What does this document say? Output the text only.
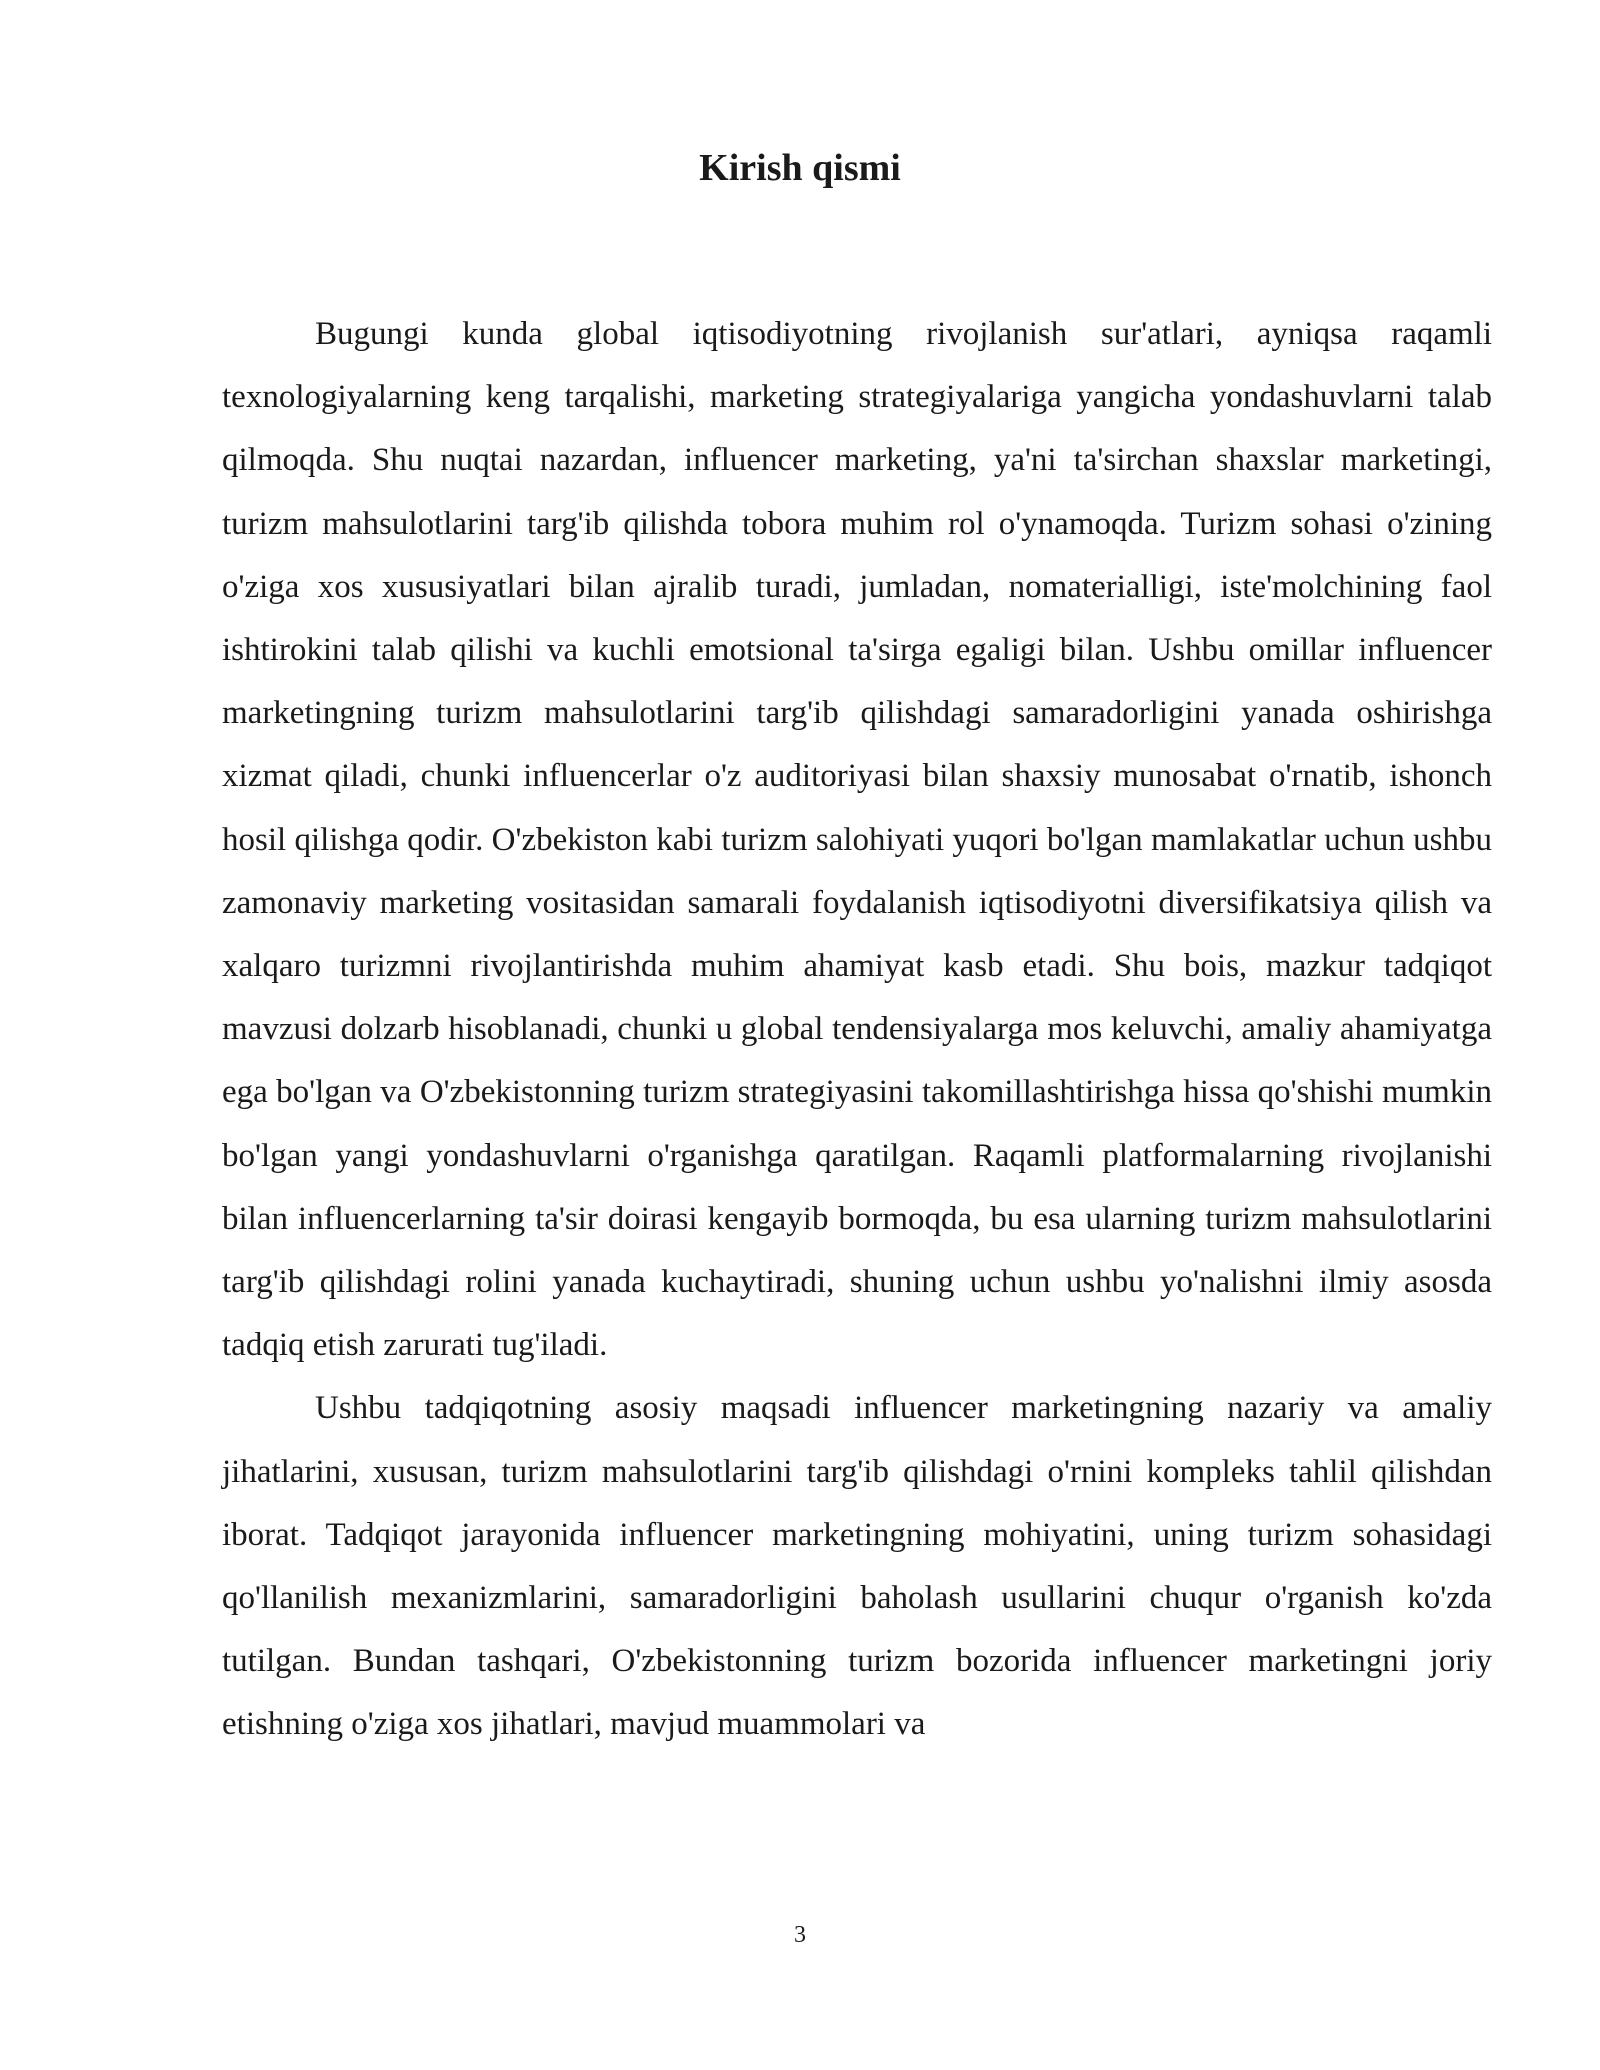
Kirish qismi

Bugungi kunda global iqtisodiyotning rivojlanish sur'atlari, ayniqsa raqamli texnologiyalarning keng tarqalishi, marketing strategiyalariga yangicha yondashuvlarni talab qilmoqda. Shu nuqtai nazardan, influencer marketing, ya'ni ta'sirchan shaxslar marketingi, turizm mahsulotlarini targ'ib qilishda tobora muhim rol o'ynamoqda. Turizm sohasi o'zining o'ziga xos xususiyatlari bilan ajralib turadi, jumladan, nomaterialligi, iste'molchining faol ishtirokini talab qilishi va kuchli emotsional ta'sirga egaligi bilan. Ushbu omillar influencer marketingning turizm mahsulotlarini targ'ib qilishdagi samaradorligini yanada oshirishga xizmat qiladi, chunki influencerlar o'z auditoriyasi bilan shaxsiy munosabat o'rnatib, ishonch hosil qilishga qodir. O'zbekiston kabi turizm salohiyati yuqori bo'lgan mamlakatlar uchun ushbu zamonaviy marketing vositasidan samarali foydalanish iqtisodiyotni diversifikatsiya qilish va xalqaro turizmni rivojlantirishda muhim ahamiyat kasb etadi. Shu bois, mazkur tadqiqot mavzusi dolzarb hisoblanadi, chunki u global tendensiyalarga mos keluvchi, amaliy ahamiyatga ega bo'lgan va O'zbekistonning turizm strategiyasini takomillashtirishga hissa qo'shishi mumkin bo'lgan yangi yondashuvlarni o'rganishga qaratilgan. Raqamli platformalarning rivojlanishi bilan influencerlarning ta'sir doirasi kengayib bormoqda, bu esa ularning turizm mahsulotlarini targ'ib qilishdagi rolini yanada kuchaytiradi, shuning uchun ushbu yo'nalishni ilmiy asosda tadqiq etish zarurati tug'iladi.

Ushbu tadqiqotning asosiy maqsadi influencer marketingning nazariy va amaliy jihatlarini, xususan, turizm mahsulotlarini targ'ib qilishdagi o'rnini kompleks tahlil qilishdan iborat. Tadqiqot jarayonida influencer marketingning mohiyatini, uning turizm sohasidagi qo'llanilish mexanizmlarini, samaradorligini baholash usullarini chuqur o'rganish ko'zda tutilgan. Bundan tashqari, O'zbekistonning turizm bozorida influencer marketingni joriy etishning o'ziga xos jihatlari, mavjud muammolari va

3
